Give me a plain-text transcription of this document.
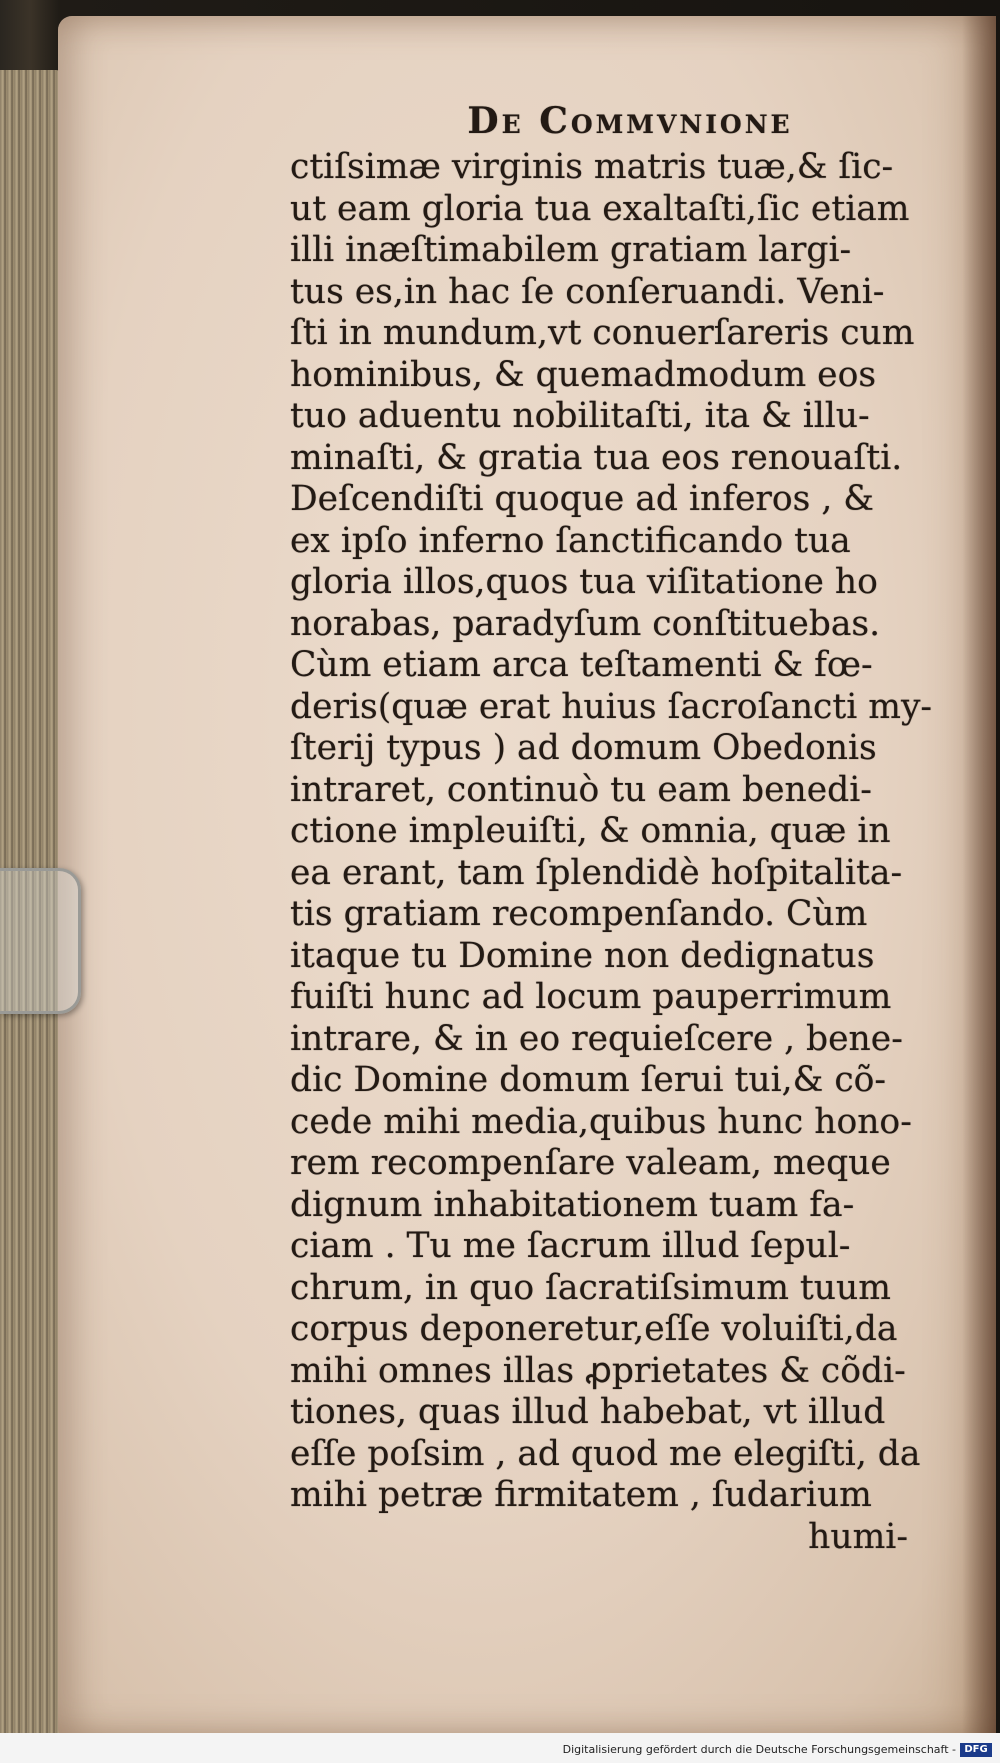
De Commvnione
ctiſsimæ virginis matris tuæ,& ſic-
ut eam gloria tua exaltaſti,ſic etiam
illi inæſtimabilem gratiam largi-
tus es,in hac ſe conſeruandi. Veni-
ſti in mundum,vt conuerſareris cum
hominibus, & quemadmodum eos
tuo aduentu nobilitaſti, ita & illu-
minaſti, & gratia tua eos renouaſti.
Deſcendiſti quoque ad inferos , &
ex ipſo inferno ſanctificando tua
gloria illos,quos tua viſitatione ho
norabas, paradyſum conſtituebas.
Cùm etiam arca teſtamenti & fœ-
deris(quæ erat huius ſacroſancti my-
ſterij typus ) ad domum Obedonis
intraret, continuò tu eam benedi-
ctione impleuiſti, & omnia, quæ in
ea erant, tam ſplendidè hoſpitalita-
tis gratiam recompenſando. Cùm
itaque tu Domine non dedignatus
fuiſti hunc ad locum pauperrimum
intrare, & in eo requieſcere , bene-
dic Domine domum ſerui tui,& cõ-
cede mihi media,quibus hunc hono-
rem recompenſare valeam, meque
dignum inhabitationem tuam fa-
ciam . Tu me ſacrum illud ſepul-
chrum, in quo ſacratiſsimum tuum
corpus deponeretur,eſſe voluiſti,da
mihi omnes illas ꝓprietates & cõdi-
tiones, quas illud habebat, vt illud
eſſe poſsim , ad quod me elegiſti, da
mihi petræ firmitatem , ſudarium
humi-
Digitalisierung gefördert durch die Deutsche Forschungsgemeinschaft - DFG
